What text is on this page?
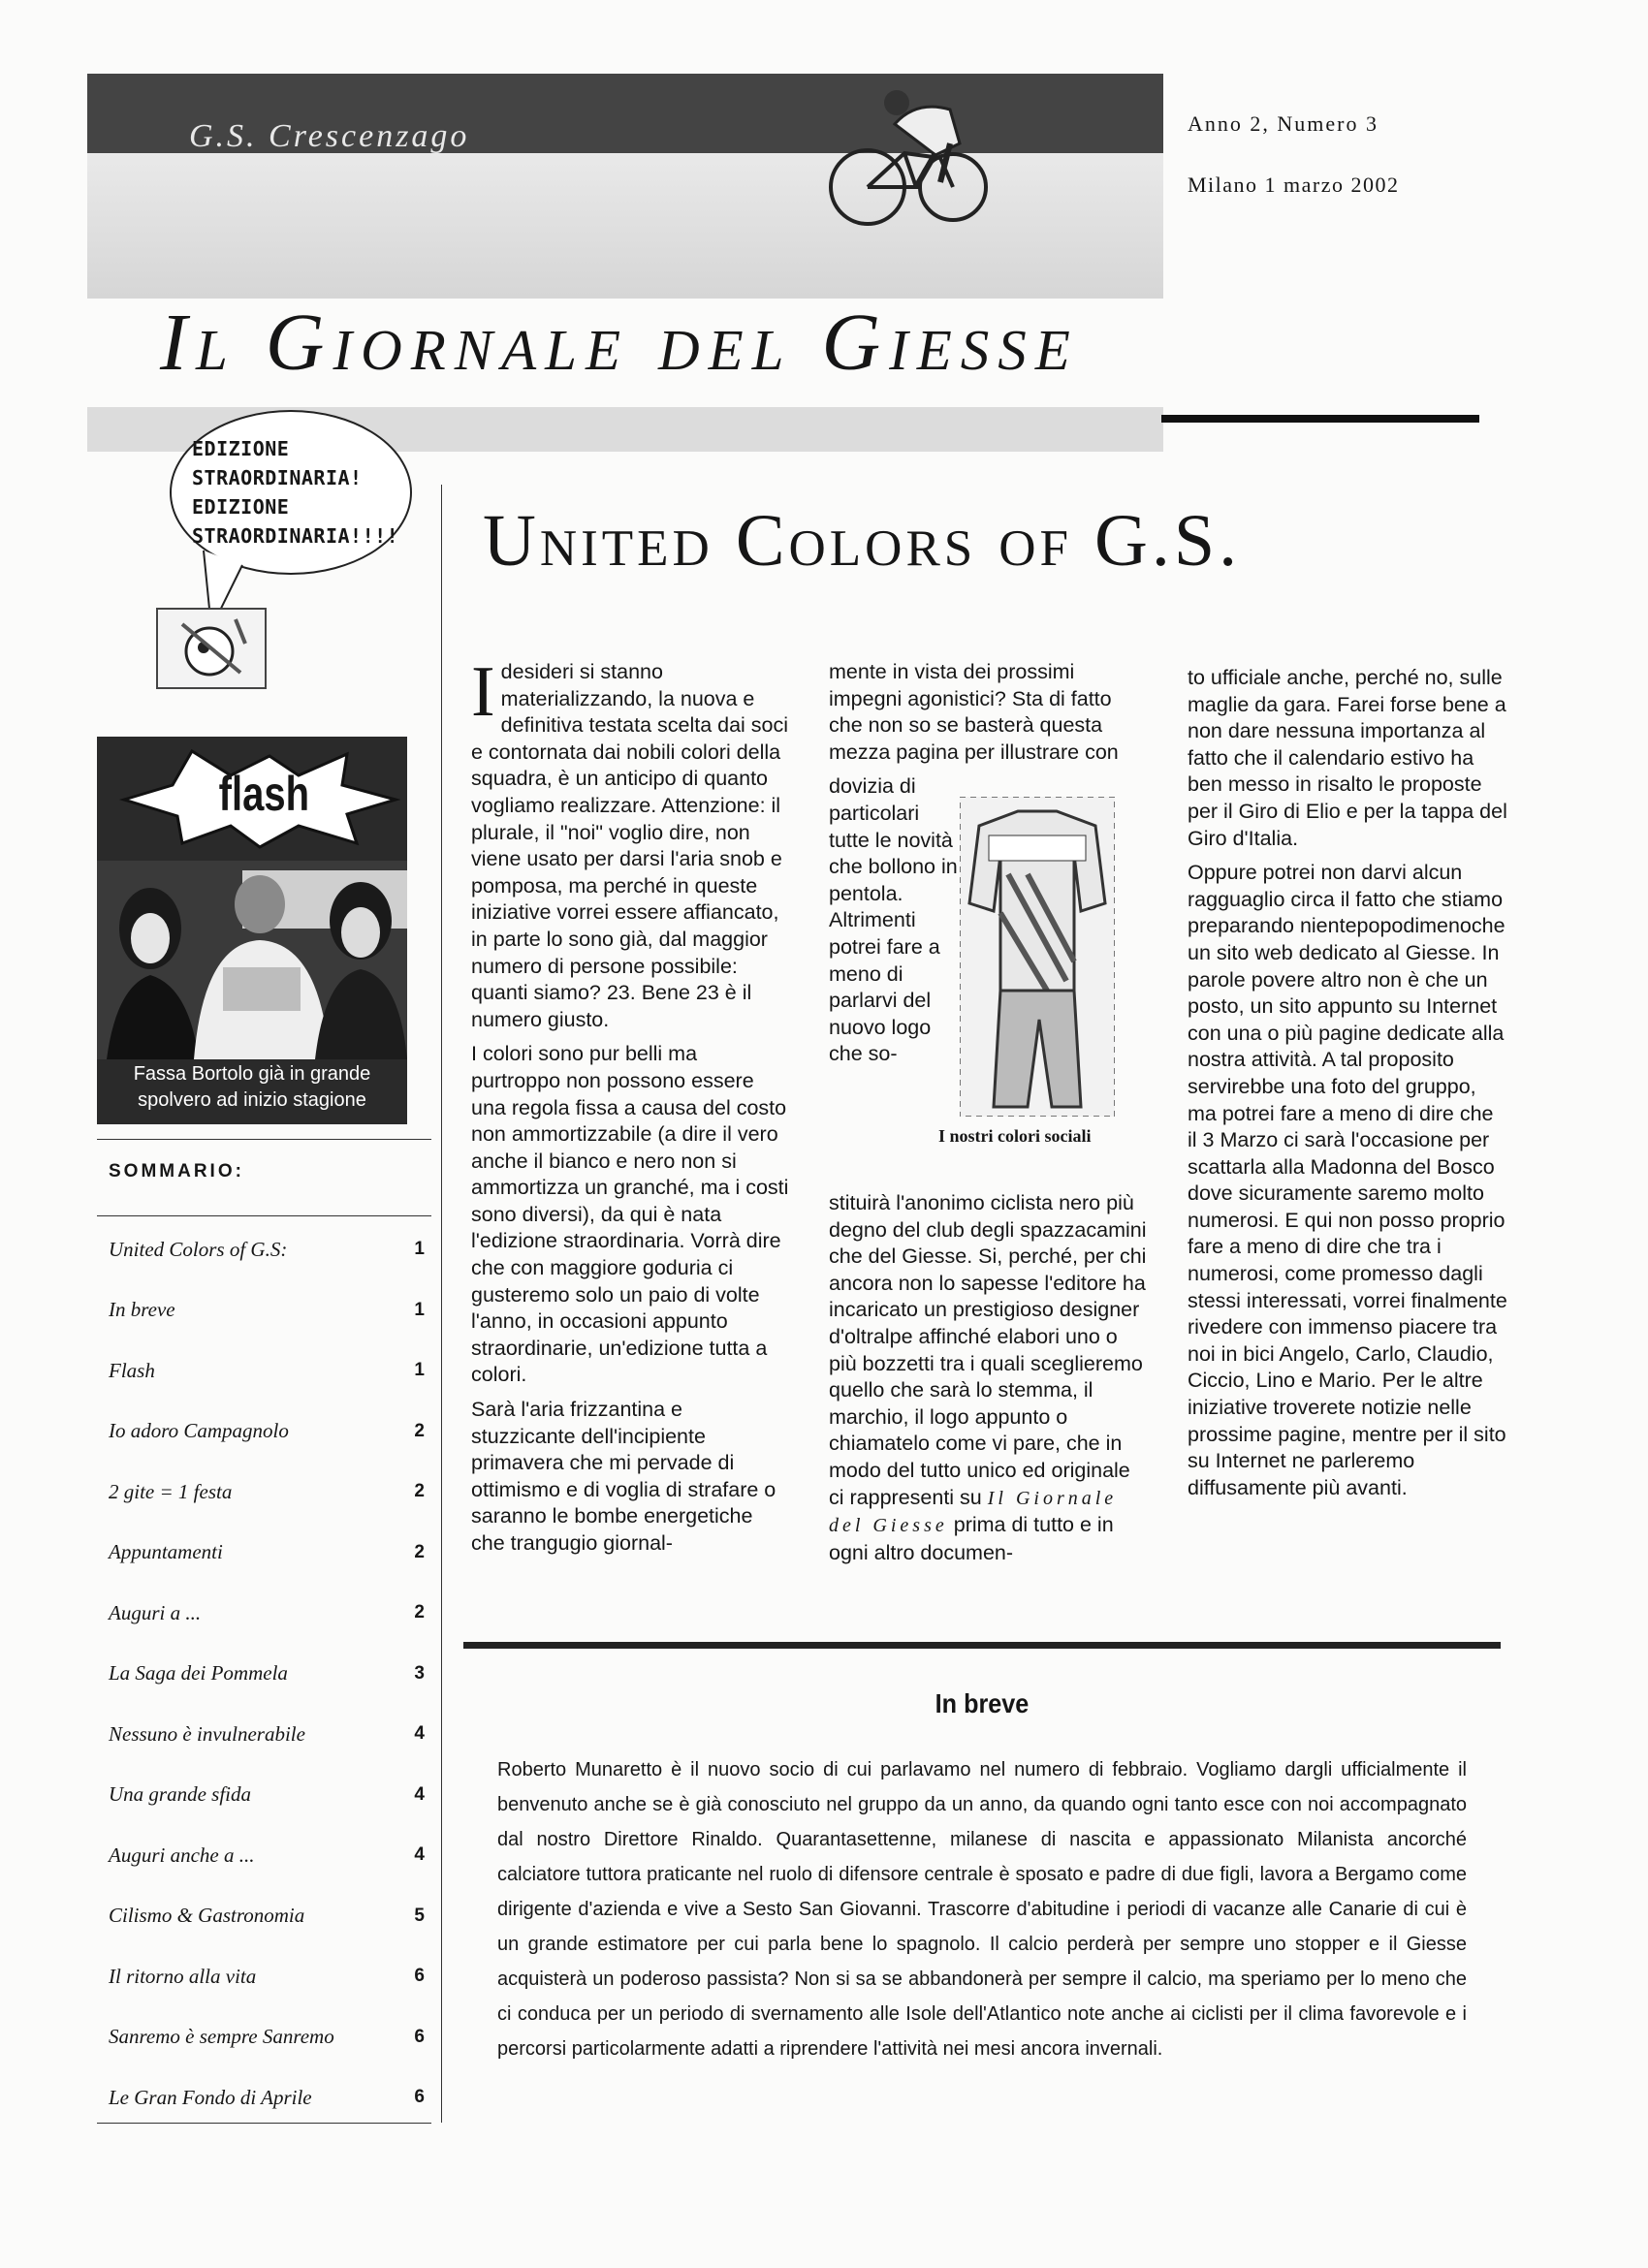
G.S. Crescenzago	Anno 2, Numero 3
Milano 1 marzo 2002
Il Giornale del Giesse
EDIZIONE
STRAORDINARIA!
EDIZIONE
STRAORDINARIA!!!!
flash
Fassa Bortolo già in grande spolvero ad inizio stagione
SOMMARIO:
United Colors of G.S:	1
In breve	1
Flash	1
Io adoro Campagnolo	2
2 gite = 1 festa	2
Appuntamenti	2
Auguri a ...	2
La Saga dei Pommela	3
Nessuno è invulnerabile	4
Una grande sfida	4
Auguri anche a ...	4
Cilismo & Gastronomia	5
Il ritorno alla vita	6
Sanremo è sempre Sanremo	6
Le Gran Fondo di Aprile	6
United Colors of G.S.

I desideri si stanno materializzando, la nuova e definitiva testata scelta dai soci e contornata dai nobili colori della squadra, è un anticipo di quanto vogliamo realizzare. Attenzione: il plurale, il "noi" voglio dire, non viene usato per darsi l'aria snob e pomposa, ma perché in queste iniziative vorrei essere affiancato, in parte lo sono già, dal maggior numero di persone possibile: quanti siamo? 23. Bene 23 è il numero giusto.

I colori sono pur belli ma purtroppo non possono essere una regola fissa a causa del costo non ammortizzabile (a dire il vero anche il bianco e nero non si ammortizza un granché, ma i costi sono diversi), da qui è nata l'edizione straordinaria. Vorrà dire che con maggiore goduria ci gusteremo solo un paio di volte l'anno, in occasioni appunto straordinarie, un'edizione tutta a colori.

Sarà l'aria frizzantina e stuzzicante dell'incipiente primavera che mi pervade di ottimismo e di voglia di strafare o saranno le bombe energetiche che trangugio giornal-

mente in vista dei prossimi impegni agonistici? Sta di fatto che non so se basterà questa mezza pagina per illustrare con

dovizia di particolari tutte le novità che bollono in pentola. Altrimenti potrei fare a meno di parlarvi del nuovo logo che so-
I nostri colori sociali

stituirà l'anonimo ciclista nero più degno del club degli spazzacamini che del Giesse. Si, perché, per chi ancora non lo sapesse l'editore ha incaricato un prestigioso designer d'oltralpe affinché elabori uno o più bozzetti tra i quali sceglieremo quello che sarà lo stemma, il marchio, il logo appunto o chiamatelo come vi pare, che in modo del tutto unico ed originale ci rappresenti su Il Giornale del Giesse prima di tutto e in ogni altro documen-

to ufficiale anche, perché no, sulle maglie da gara. Farei forse bene a non dare nessuna importanza al fatto che il calendario estivo ha ben messo in risalto le proposte per il Giro di Elio e per la tappa del Giro d'Italia.

Oppure potrei non darvi alcun ragguaglio circa il fatto che stiamo preparando nientepopodimenoche un sito web dedicato al Giesse. In parole povere altro non è che un posto, un sito appunto su Internet con una o più pagine dedicate alla nostra attività. A tal proposito servirebbe una foto del gruppo, ma potrei fare a meno di dire che il 3 Marzo ci sarà l'occasione per scattarla alla Madonna del Bosco dove sicuramente saremo molto numerosi. E qui non posso proprio fare a meno di dire che tra i numerosi, come promesso dagli stessi interessati, vorrei finalmente rivedere con immenso piacere tra noi in bici Angelo, Carlo, Claudio, Ciccio, Lino e Mario. Per le altre iniziative troverete notizie nelle prossime pagine, mentre per il sito su Internet ne parleremo diffusamente più avanti.

In breve
Roberto Munaretto è il nuovo socio di cui parlavamo nel numero di febbraio. Vogliamo dargli ufficialmente il benvenuto anche se è già conosciuto nel gruppo da un anno, da quando ogni tanto esce con noi accompagnato dal nostro Direttore Rinaldo. Quarantasettenne, milanese di nascita e appassionato Milanista ancorché calciatore tuttora praticante nel ruolo di difensore centrale è sposato e padre di due figli, lavora a Bergamo come dirigente d'azienda e vive a Sesto San Giovanni. Trascorre d'abitudine i periodi di vacanze alle Canarie di cui è un grande estimatore per cui parla bene lo spagnolo. Il calcio perderà per sempre uno stopper e il Giesse acquisterà un poderoso passista? Non si sa se abbandonerà per sempre il calcio, ma speriamo per lo meno che ci conduca per un periodo di svernamento alle Isole dell'Atlantico note anche ai ciclisti per il clima favorevole e i percorsi particolarmente adatti a riprendere l'attività nei mesi ancora invernali.
